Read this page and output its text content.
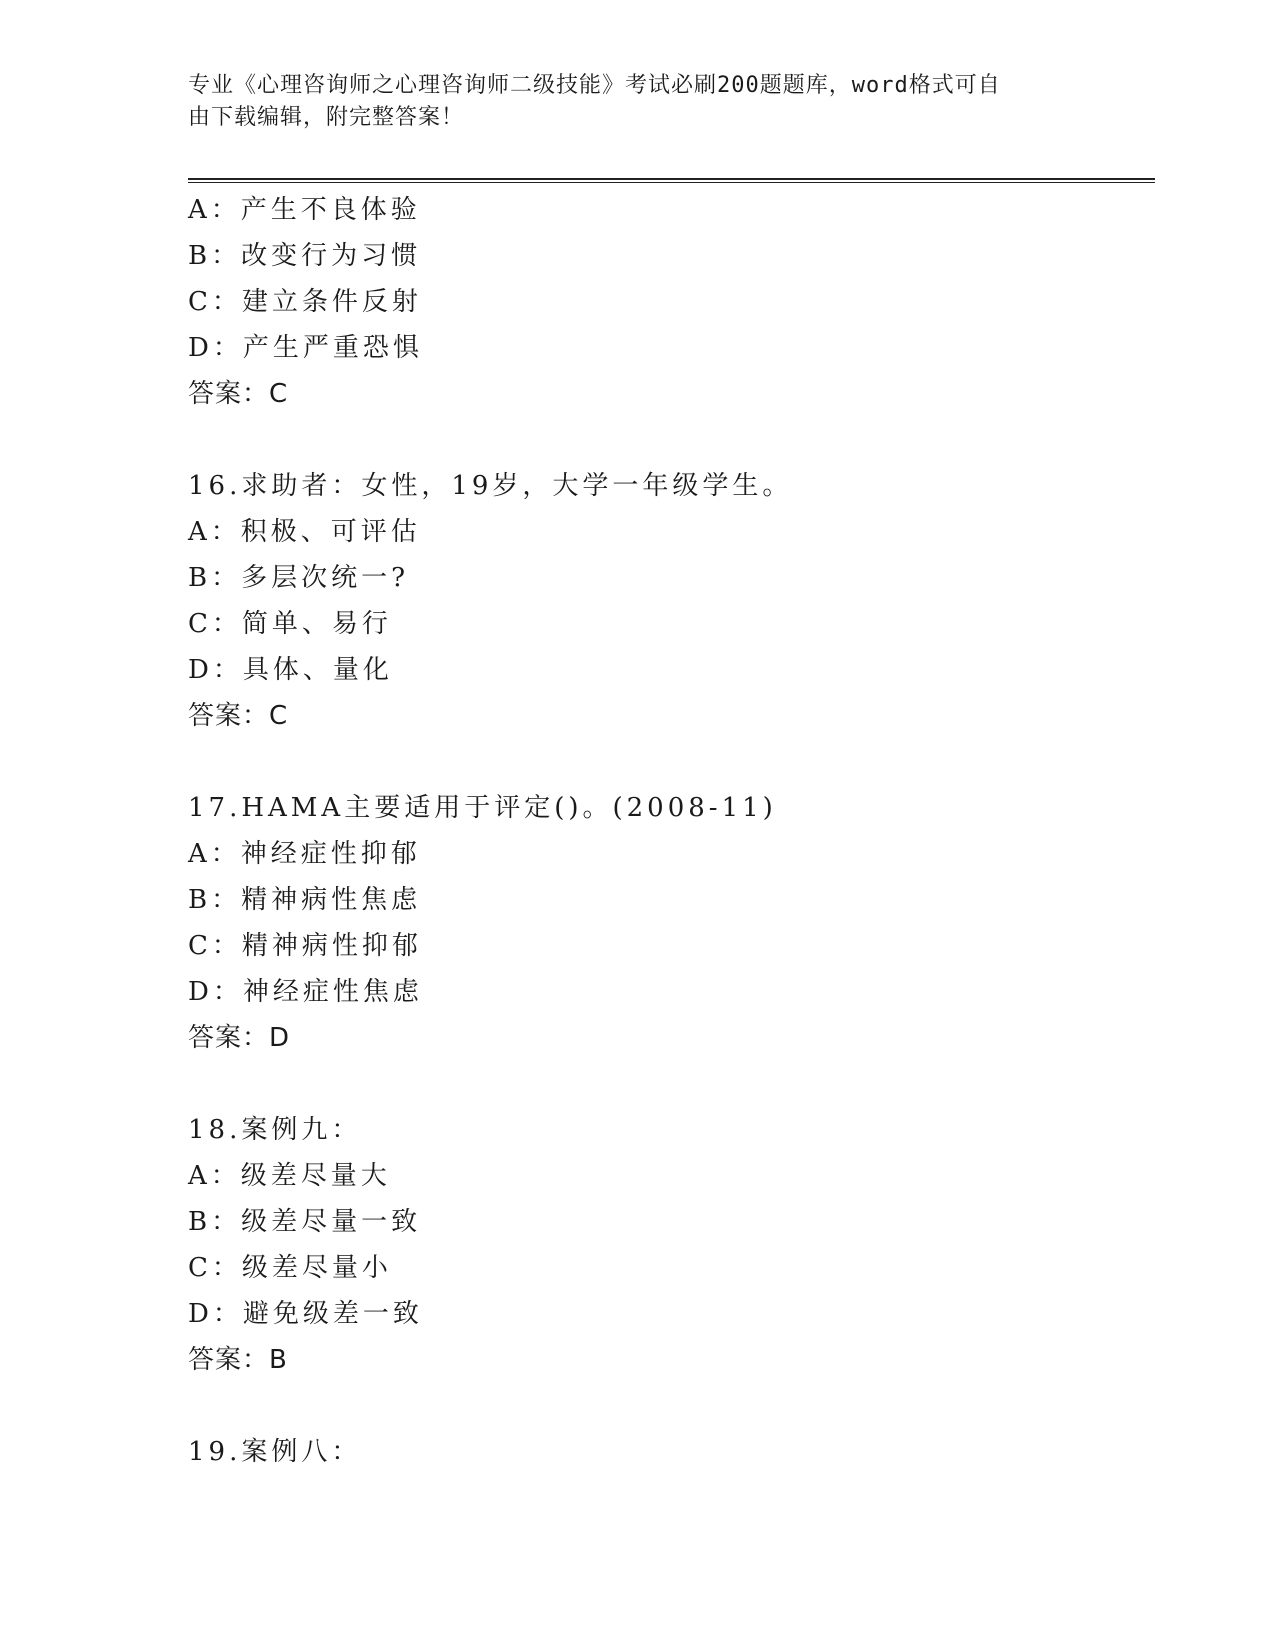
专业《心理咨询师之心理咨询师二级技能》考试必刷200题题库，word格式可自
由下载编辑，附完整答案！
A：产生不良体验
B：改变行为习惯
C：建立条件反射
D：产生严重恐惧
答案：C
16.求助者：女性，19岁，大学一年级学生。
A：积极、可评估
B：多层次统一?
C：简单、易行
D：具体、量化
答案：C
17.HAMA主要适用于评定()。(2008-11)
A：神经症性抑郁
B：精神病性焦虑
C：精神病性抑郁
D：神经症性焦虑
答案：D
18.案例九：
A：级差尽量大
B：级差尽量一致
C：级差尽量小
D：避免级差一致
答案：B
19.案例八：
